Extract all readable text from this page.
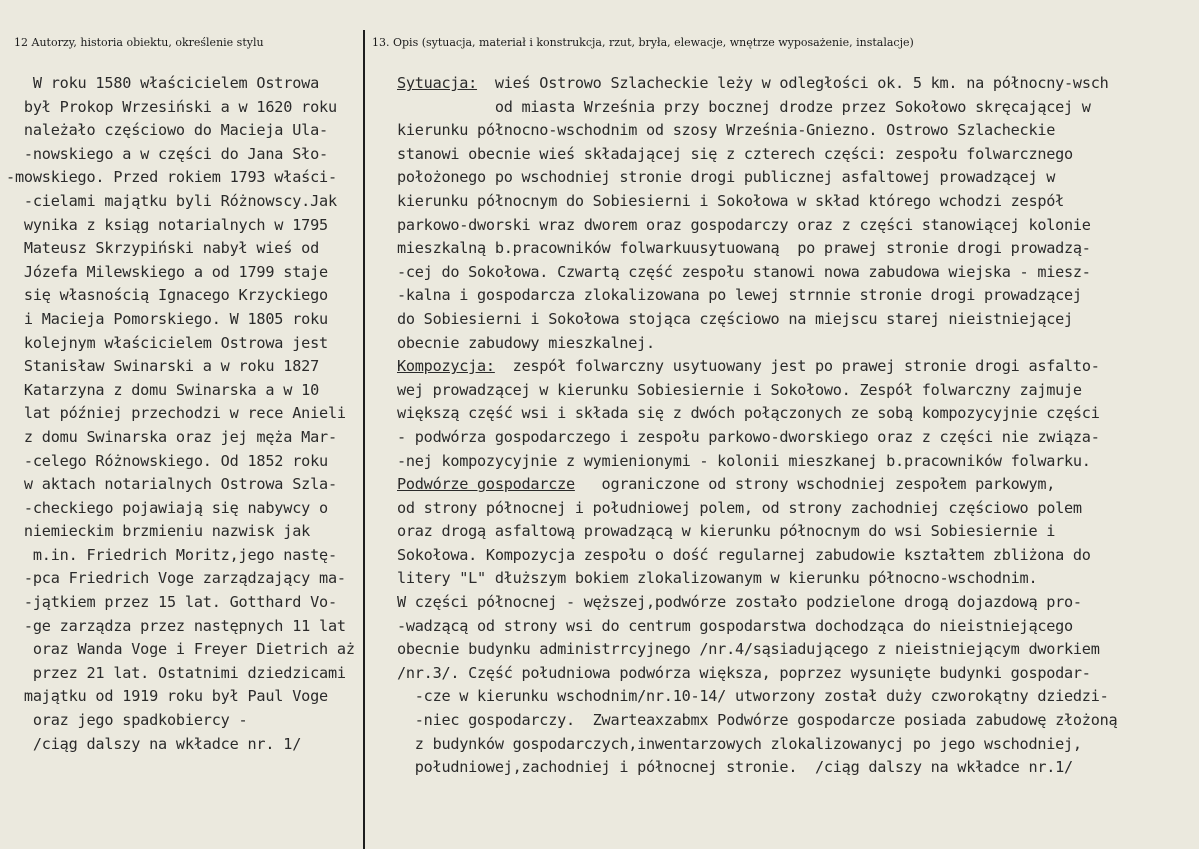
12 Autorzy, historia obiektu, określenie stylu	13. Opis (sytuacja, materiał i konstrukcja, rzut, bryła, elewacje, wnętrze wyposażenie, instalacje)
W roku 1580 właścicielem Ostrowa
był Prokop Wrzesiński a w 1620 roku
należało częściowo do Macieja Ula-
-nowskiego a w części do Jana Sło-
-mowskiego. Przed rokiem 1793 właści-
-cielami majątku byli Różnowscy.Jak
wynika z ksiąg notarialnych w 1795
Mateusz Skrzypiński nabył wieś od
Józefa Milewskiego a od 1799 staje
się własnością Ignacego Krzyckiego
i Macieja Pomorskiego. W 1805 roku
kolejnym właścicielem Ostrowa jest
Stanisław Swinarski a w roku 1827
Katarzyna z domu Swinarska a w 10
lat później przechodzi w rece Anieli
z domu Swinarska oraz jej męża Mar-
-celego Różnowskiego. Od 1852 roku
w aktach notarialnych Ostrowa Szla-
-checkiego pojawiają się nabywcy o
niemieckim brzmieniu nazwisk jak
m.in. Friedrich Moritz,jego nastę-
-pca Friedrich Voge zarządzający ma-
-jątkiem przez 15 lat. Gotthard Vo-
-ge zarządza przez następnych 11 lat
oraz Wanda Voge i Freyer Dietrich aż
przez 21 lat. Ostatnimi dziedzicami
majątku od 1919 roku był Paul Voge
oraz jego spadkobiercy -
/ciąg dalszy na wkładce nr. 1/
Sytuacja:  wieś Ostrowo Szlacheckie leży w odległości ok. 5 km. na północny-wsch
od miasta Września przy bocznej drodze przez Sokołowo skręcającej w
kierunku północno-wschodnim od szosy Września-Gniezno. Ostrowo Szlacheckie
stanowi obecnie wieś składającej się z czterech części: zespołu folwarcznego
położonego po wschodniej stronie drogi publicznej asfaltowej prowadzącej w
kierunku północnym do Sobiesierni i Sokołowa w skład którego wchodzi zespół
parkowo-dworski wraz dworem oraz gospodarczy oraz z części stanowiącej kolonie
mieszkalną b.pracowników folwarkuusytuowaną  po prawej stronie drogi prowadzą-
-cej do Sokołowa. Czwartą część zespołu stanowi nowa zabudowa wiejska - miesz-
-kalna i gospodarcza zlokalizowana po lewej strnnie stronie drogi prowadzącej
do Sobiesierni i Sokołowa stojąca częściowo na miejscu starej nieistniejącej
obecnie zabudowy mieszkalnej.
Kompozycja:  zespół folwarczny usytuowany jest po prawej stronie drogi asfalto-
wej prowadzącej w kierunku Sobiesiernie i Sokołowo. Zespół folwarczny zajmuje
większą część wsi i składa się z dwóch połączonych ze sobą kompozycyjnie części
- podwórza gospodarczego i zespołu parkowo-dworskiego oraz z części nie związa-
-nej kompozycyjnie z wymienionymi - kolonii mieszkanej b.pracowników folwarku.
Podwórze gospodarcze   ograniczone od strony wschodniej zespołem parkowym,
od strony północnej i południowej polem, od strony zachodniej częściowo polem
oraz drogą asfaltową prowadzącą w kierunku północnym do wsi Sobiesiernie i
Sokołowa. Kompozycja zespołu o dość regularnej zabudowie kształtem zbliżona do
litery "L" dłuższym bokiem zlokalizowanym w kierunku północno-wschodnim.
W części północnej - węższej,podwórze zostało podzielone drogą dojazdową pro-
-wadzącą od strony wsi do centrum gospodarstwa dochodząca do nieistniejącego
obecnie budynku administrrcyjnego /nr.4/sąsiadującego z nieistniejącym dworkiem
/nr.3/. Część południowa podwórza większa, poprzez wysunięte budynki gospodar-
-cze w kierunku wschodnim/nr.10-14/ utworzony został duży czworokątny dziedzi-
-niec gospodarczy.  Zwarteaxzabmx Podwórze gospodarcze posiada zabudowę złożoną
z budynków gospodarczych,inwentarzowych zlokalizowanycj po jego wschodniej,
południowej,zachodniej i północnej stronie.  /ciąg dalszy na wkładce nr.1/
